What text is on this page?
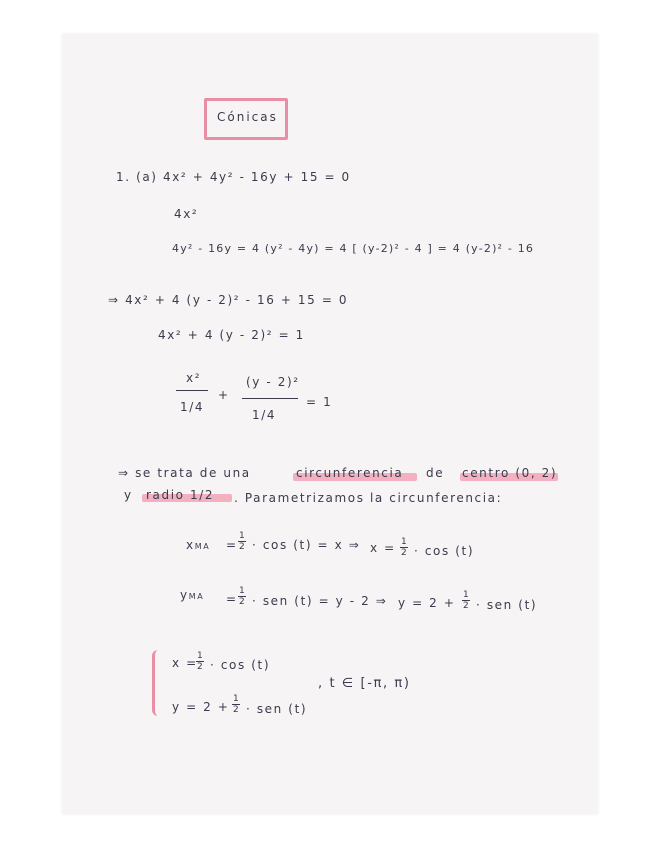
Cónicas
1. (a) 4x² + 4y² - 16y + 15 = 0
4x²
4y² - 16y = 4 (y² - 4y) = 4 [ (y-2)² - 4 ] = 4 (y-2)² - 16
⇒ 4x² + 4 (y - 2)² - 16 + 15 = 0
4x² + 4 (y - 2)² = 1
x²
1/4
+
(y - 2)²
1/4
= 1
⇒ se trata de una	circunferencia de centro (0, 2)
y radio 1/2 . Parametrizamos la circunferencia:
xMA = $\frac{1}{2} \cdot \cos (t) = x$ ⇒ $x = \frac{1}{2} \cdot \cos (t)$
yMA = $\frac{1}{2}$ · sen (t) = y - 2 ⇒ $y = 2 + \frac{1}{2}$ · sen (t)
x =
$\frac{1}{2} \cdot \cos (t)$
$y = 2 + \frac{1}{2}$ · sen (t)
, t ∈ [-π, π)
